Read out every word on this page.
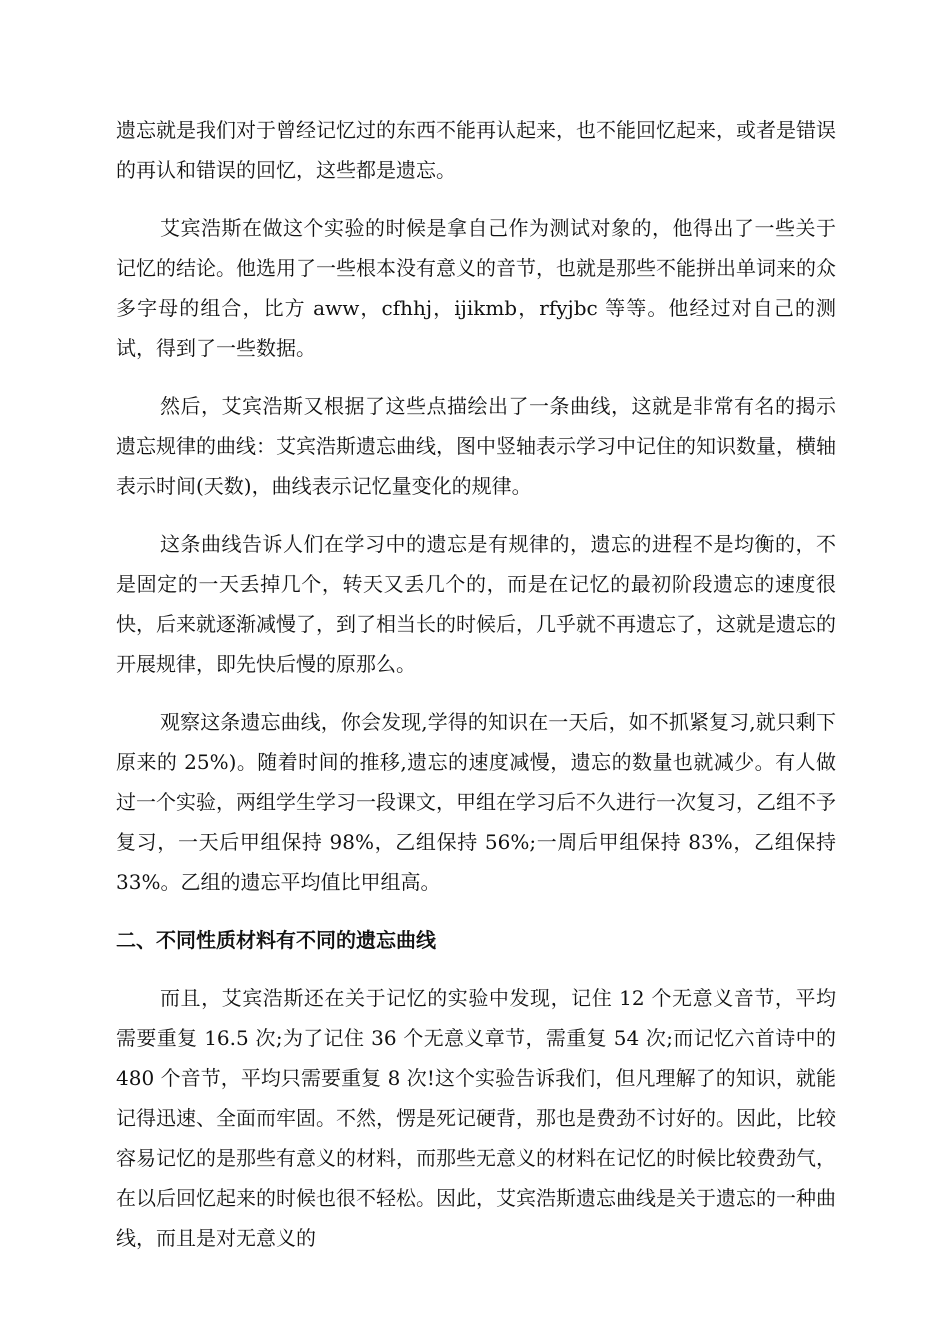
遗忘就是我们对于曾经记忆过的东西不能再认起来，也不能回忆起来，或者是错误的再认和错误的回忆，这些都是遗忘。

艾宾浩斯在做这个实验的时候是拿自己作为测试对象的，他得出了一些关于记忆的结论。他选用了一些根本没有意义的音节，也就是那些不能拼出单词来的众多字母的组合，比方 aww，cfhhj，ijikmb，rfyjbc 等等。他经过对自己的测试，得到了一些数据。

然后，艾宾浩斯又根据了这些点描绘出了一条曲线，这就是非常有名的揭示遗忘规律的曲线：艾宾浩斯遗忘曲线，图中竖轴表示学习中记住的知识数量，横轴表示时间(天数)，曲线表示记忆量变化的规律。

这条曲线告诉人们在学习中的遗忘是有规律的，遗忘的进程不是均衡的，不是固定的一天丢掉几个，转天又丢几个的，而是在记忆的最初阶段遗忘的速度很快，后来就逐渐减慢了，到了相当长的时候后，几乎就不再遗忘了，这就是遗忘的开展规律，即先快后慢的原那么。

观察这条遗忘曲线，你会发现,学得的知识在一天后，如不抓紧复习,就只剩下原来的 25%)。随着时间的推移,遗忘的速度减慢，遗忘的数量也就减少。有人做过一个实验，两组学生学习一段课文，甲组在学习后不久进行一次复习，乙组不予复习，一天后甲组保持 98%，乙组保持 56%;一周后甲组保持 83%，乙组保持 33%。乙组的遗忘平均值比甲组高。

二、不同性质材料有不同的遗忘曲线

而且，艾宾浩斯还在关于记忆的实验中发现，记住 12 个无意义音节，平均需要重复 16.5 次;为了记住 36 个无意义章节，需重复 54 次;而记忆六首诗中的 480 个音节，平均只需要重复 8 次!这个实验告诉我们，但凡理解了的知识，就能记得迅速、全面而牢固。不然，愣是死记硬背，那也是费劲不讨好的。因此，比较容易记忆的是那些有意义的材料，而那些无意义的材料在记忆的时候比较费劲气，在以后回忆起来的时候也很不轻松。因此，艾宾浩斯遗忘曲线是关于遗忘的一种曲线，而且是对无意义的
